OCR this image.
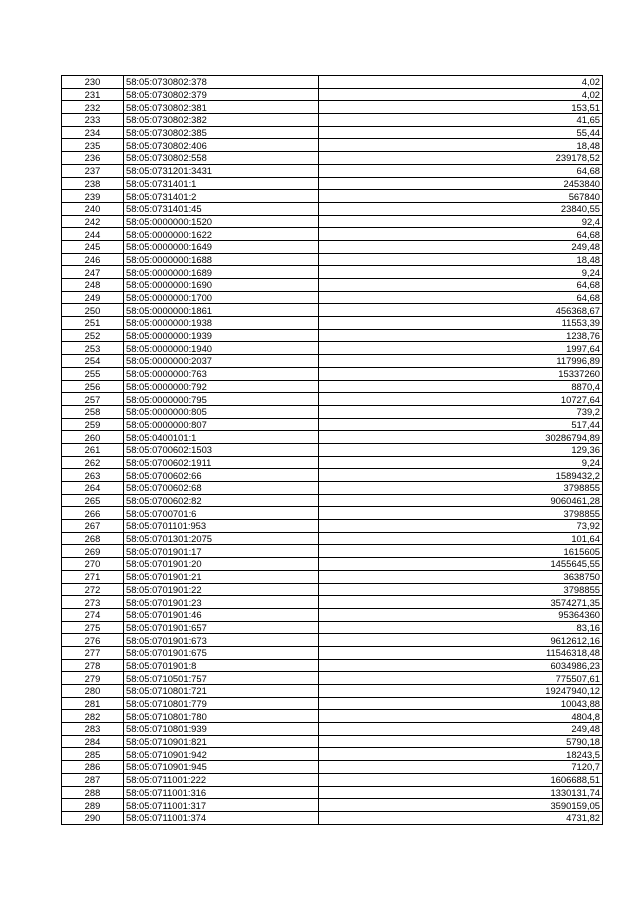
230	58:05:0730802:378	4,02
231	58:05:0730802:379	4,02
232	58:05:0730802:381	153,51
233	58:05:0730802:382	41,65
234	58:05:0730802:385	55,44
235	58:05:0730802:406	18,48
236	58:05:0730802:558	239178,52
237	58:05:0731201:3431	64,68
238	58:05:0731401:1	2453840
239	58:05:0731401:2	567840
240	58:05:0731401:45	23840,55
242	58:05:0000000:1520	92,4
244	58:05:0000000:1622	64,68
245	58:05:0000000:1649	249,48
246	58:05:0000000:1688	18,48
247	58:05:0000000:1689	9,24
248	58:05:0000000:1690	64,68
249	58:05:0000000:1700	64,68
250	58:05:0000000:1861	456368,67
251	58:05:0000000:1938	11553,39
252	58:05:0000000:1939	1238,76
253	58:05:0000000:1940	1997,64
254	58:05:0000000:2037	117996,89
255	58:05:0000000:763	15337260
256	58:05:0000000:792	8870,4
257	58:05:0000000:795	10727,64
258	58:05:0000000:805	739,2
259	58:05:0000000:807	517,44
260	58:05:0400101:1	30286794,89
261	58:05:0700602:1503	129,36
262	58:05:0700602:1911	9,24
263	58:05:0700602:66	1589432,2
264	58:05:0700602:68	3798855
265	58:05:0700602:82	9060461,28
266	58:05:0700701:6	3798855
267	58:05:0701101:953	73,92
268	58:05:0701301:2075	101,64
269	58:05:0701901:17	1615605
270	58:05:0701901:20	1455645,55
271	58:05:0701901:21	3638750
272	58:05:0701901:22	3798855
273	58:05:0701901:23	3574271,35
274	58:05:0701901:46	95364360
275	58:05:0701901:657	83,16
276	58:05:0701901:673	9612612,16
277	58:05:0701901:675	11546318,48
278	58:05:0701901:8	6034986,23
279	58:05:0710501:757	775507,61
280	58:05:0710801:721	19247940,12
281	58:05:0710801:779	10043,88
282	58:05:0710801:780	4804,8
283	58:05:0710801:939	249,48
284	58:05:0710901:821	5790,18
285	58:05:0710901:942	18243,5
286	58:05:0710901:945	7120,7
287	58:05:0711001:222	1606688,51
288	58:05:0711001:316	1330131,74
289	58:05:0711001:317	3590159,05
290	58:05:0711001:374	4731,82
